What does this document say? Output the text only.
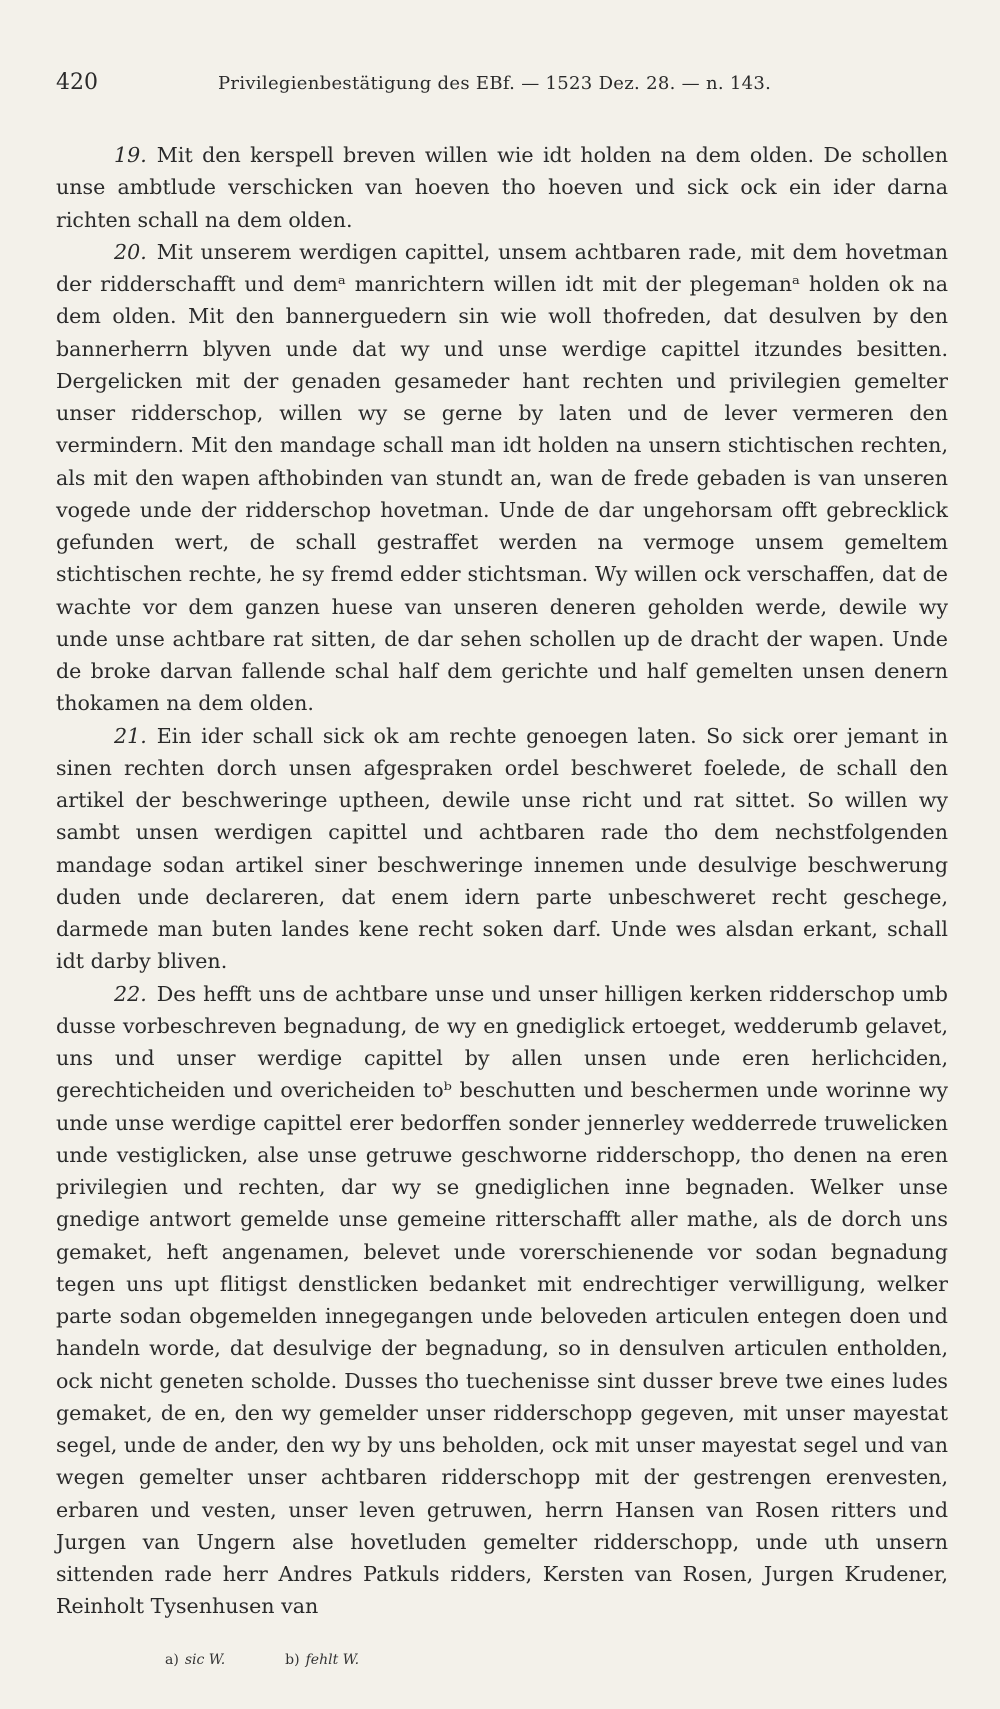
420	Privilegienbestätigung des EBf. — 1523 Dez. 28. — n. 143.

19. Mit den kerspell breven willen wie idt holden na dem olden. De schollen unse ambtlude verschicken van hoeven tho hoeven und sick ock ein ider darna richten schall na dem olden.

20. Mit unserem werdigen capittel, unsem achtbaren rade, mit dem hovetman der ridderschafft und demᵃ manrichtern willen idt mit der plegemanᵃ holden ok na dem olden. Mit den bannerguedern sin wie woll thofreden, dat desulven by den bannerherrn blyven unde dat wy und unse werdige capittel itzundes besitten. Dergelicken mit der genaden gesameder hant rechten und privilegien gemelter unser ridderschop, willen wy se gerne by laten und de lever vermeren den vermindern. Mit den mandage schall man idt holden na unsern stichtischen rechten, als mit den wapen afthobinden van stundt an, wan de frede gebaden is van unseren vogede unde der ridderschop hovetman. Unde de dar ungehorsam offt gebrecklick gefunden wert, de schall gestraffet werden na vermoge unsem gemeltem stichtischen rechte, he sy fremd edder stichtsman. Wy willen ock verschaffen, dat de wachte vor dem ganzen huese van unseren deneren geholden werde, dewile wy unde unse achtbare rat sitten, de dar sehen schollen up de dracht der wapen. Unde de broke darvan fallende schal half dem gerichte und half gemelten unsen denern thokamen na dem olden.

21. Ein ider schall sick ok am rechte genoegen laten. So sick orer jemant in sinen rechten dorch unsen afgespraken ordel beschweret foelede, de schall den artikel der beschweringe uptheen, dewile unse richt und rat sittet. So willen wy sambt unsen werdigen capittel und achtbaren rade tho dem nechstfolgenden mandage sodan artikel siner beschweringe innemen unde desulvige beschwerung duden unde declareren, dat enem idern parte unbeschweret recht geschege, darmede man buten landes kene recht soken darf. Unde wes alsdan erkant, schall idt darby bliven.

22. Des hefft uns de achtbare unse und unser hilligen kerken ridderschop umb dusse vorbeschreven begnadung, de wy en gnediglick ertoeget, wedderumb gelavet, uns und unser werdige capittel by allen unsen unde eren herlichciden, gerechticheiden und overicheiden toᵇ beschutten und beschermen unde worinne wy unde unse werdige capittel erer bedorffen sonder jennerley wedderrede truwelicken unde vestiglicken, alse unse getruwe geschworne ridderschopp, tho denen na eren privilegien und rechten, dar wy se gnediglichen inne begnaden. Welker unse gnedige antwort gemelde unse gemeine ritterschafft aller mathe, als de dorch uns gemaket, heft angenamen, belevet unde vorerschienende vor sodan begnadung tegen uns upt flitigst denstlicken bedanket mit endrechtiger verwilligung, welker parte sodan obgemelden innegegangen unde beloveden articulen entegen doen und handeln worde, dat desulvige der begnadung, so in densulven articulen entholden, ock nicht geneten scholde. Dusses tho tuechenisse sint dusser breve twe eines ludes gemaket, de en, den wy gemelder unser ridderschopp gegeven, mit unser mayestat segel, unde de ander, den wy by uns beholden, ock mit unser mayestat segel und van wegen gemelter unser achtbaren ridderschopp mit der gestrengen erenvesten, erbaren und vesten, unser leven getruwen, herrn Hansen van Rosen ritters und Jurgen van Ungern alse hovetluden gemelter ridderschopp, unde uth unsern sittenden rade herr Andres Patkuls ridders, Kersten van Rosen, Jurgen Krudener, Reinholt Tysenhusen van

a) sic W.	b) fehlt W.
